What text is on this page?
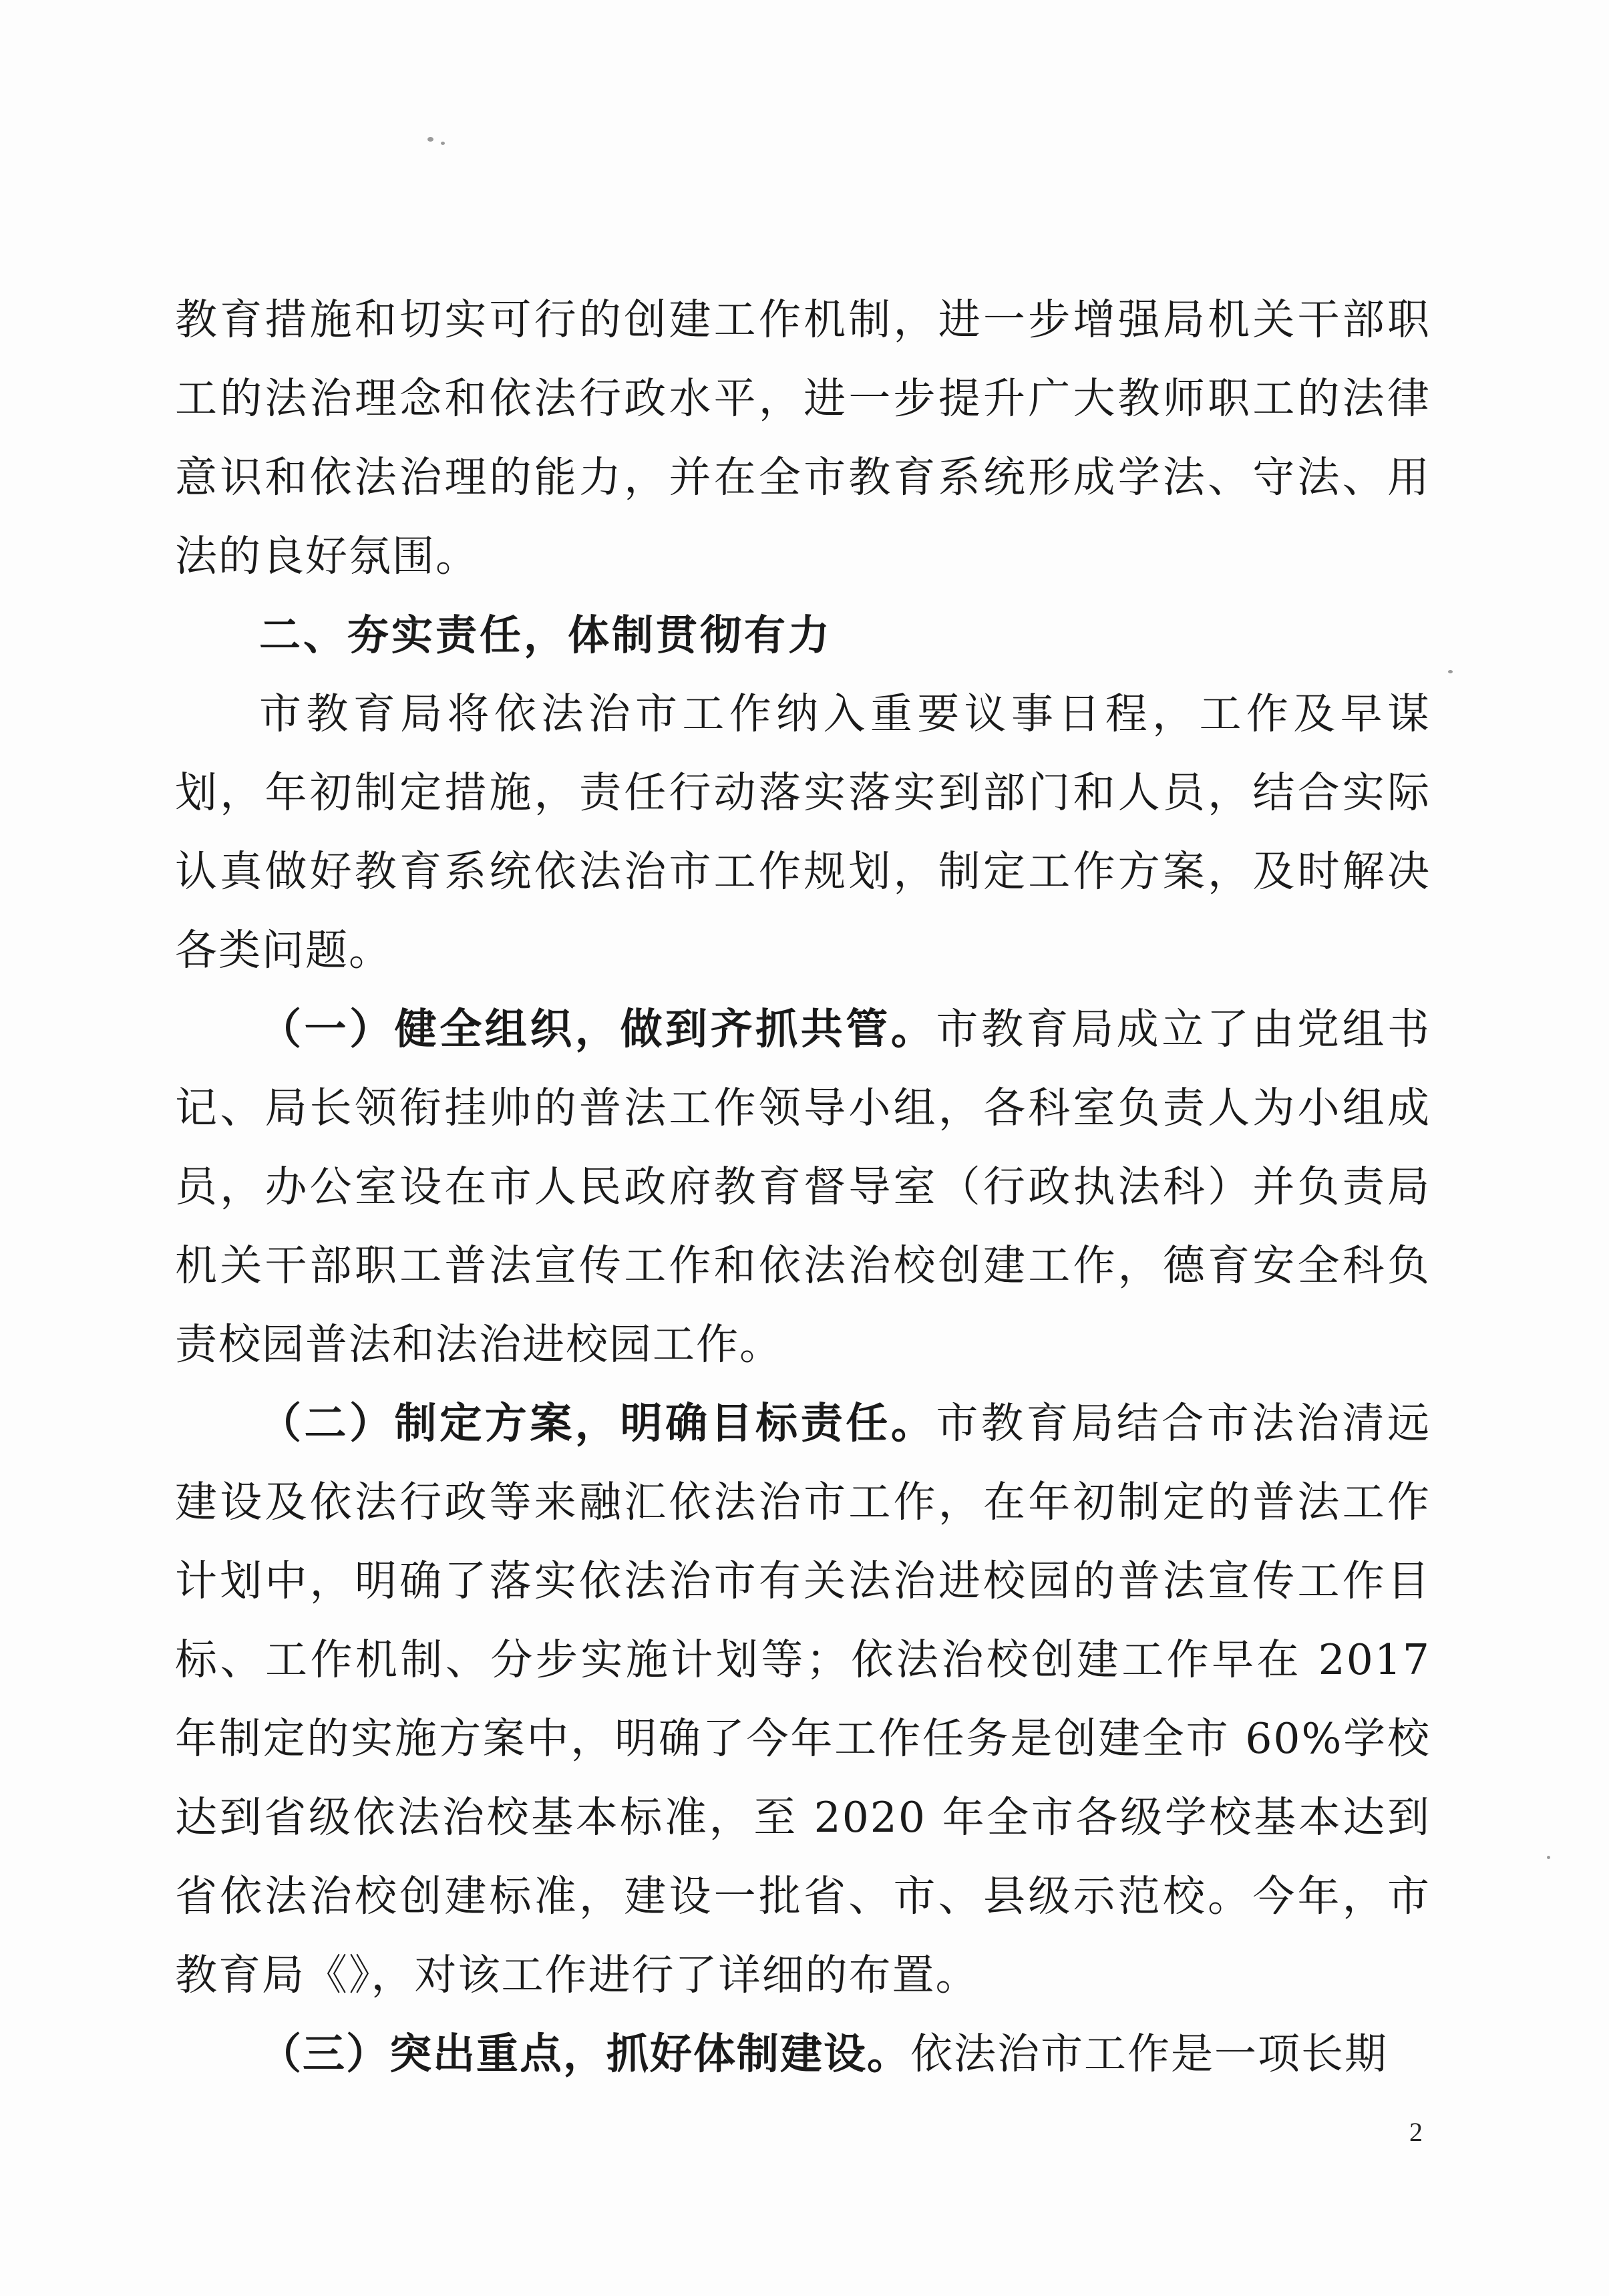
教育措施和切实可行的创建工作机制，进一步增强局机关干部职工的法治理念和依法行政水平，进一步提升广大教师职工的法律意识和依法治理的能力，并在全市教育系统形成学法、守法、用法的良好氛围。

二、夯实责任，体制贯彻有力

市教育局将依法治市工作纳入重要议事日程，工作及早谋划，年初制定措施，责任行动落实落实到部门和人员，结合实际认真做好教育系统依法治市工作规划，制定工作方案，及时解决各类问题。

（一）健全组织，做到齐抓共管。市教育局成立了由党组书记、局长领衔挂帅的普法工作领导小组，各科室负责人为小组成员，办公室设在市人民政府教育督导室（行政执法科）并负责局机关干部职工普法宣传工作和依法治校创建工作，德育安全科负责校园普法和法治进校园工作。

（二）制定方案，明确目标责任。市教育局结合市法治清远建设及依法行政等来融汇依法治市工作，在年初制定的普法工作计划中，明确了落实依法治市有关法治进校园的普法宣传工作目标、工作机制、分步实施计划等；依法治校创建工作早在 2017 年制定的实施方案中，明确了今年工作任务是创建全市 60%学校达到省级依法治校基本标准，至 2020 年全市各级学校基本达到省依法治校创建标准，建设一批省、市、县级示范校。今年，市教育局《》，对该工作进行了详细的布置。

（三）突出重点，抓好体制建设。依法治市工作是一项长期

2
